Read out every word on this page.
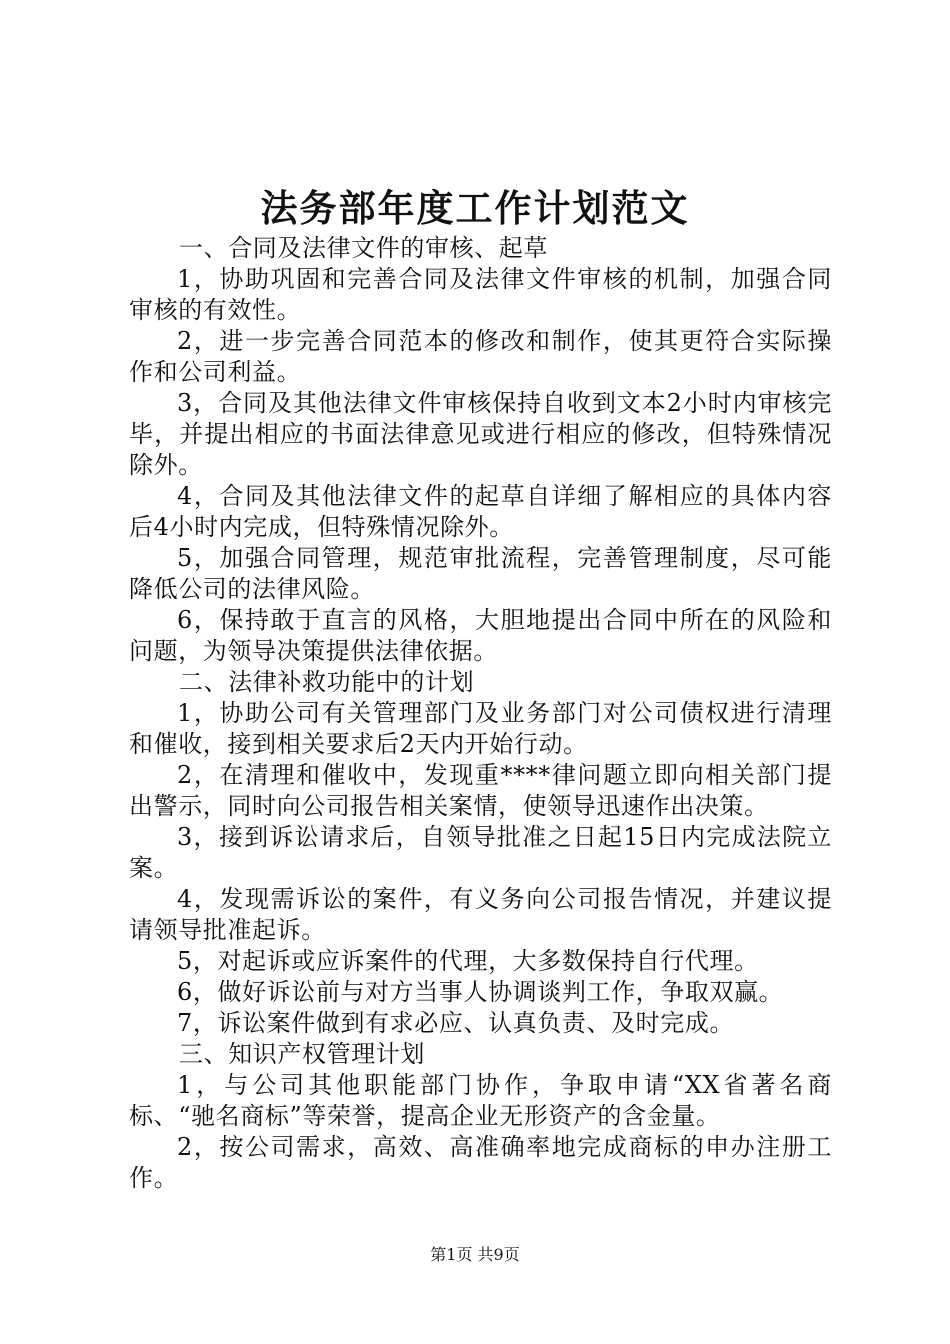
法务部年度工作计划范文

一、合同及法律文件的审核、起草

1，协助巩固和完善合同及法律文件审核的机制，加强合同审核的有效性。

2，进一步完善合同范本的修改和制作，使其更符合实际操作和公司利益。

3，合同及其他法律文件审核保持自收到文本2小时内审核完毕，并提出相应的书面法律意见或进行相应的修改，但特殊情况除外。

4，合同及其他法律文件的起草自详细了解相应的具体内容后4小时内完成，但特殊情况除外。

5，加强合同管理，规范审批流程，完善管理制度，尽可能降低公司的法律风险。

6，保持敢于直言的风格，大胆地提出合同中所在的风险和问题，为领导决策提供法律依据。

二、法律补救功能中的计划

1，协助公司有关管理部门及业务部门对公司债权进行清理和催收，接到相关要求后2天内开始行动。

2，在清理和催收中，发现重****律问题立即向相关部门提出警示，同时向公司报告相关案情，使领导迅速作出决策。

3，接到诉讼请求后，自领导批准之日起15日内完成法院立案。

4，发现需诉讼的案件，有义务向公司报告情况，并建议提请领导批准起诉。

5，对起诉或应诉案件的代理，大多数保持自行代理。

6，做好诉讼前与对方当事人协调谈判工作，争取双赢。

7，诉讼案件做到有求必应、认真负责、及时完成。

三、知识产权管理计划

1，与公司其他职能部门协作，争取申请“XX省著名商标、“驰名商标”等荣誉，提高企业无形资产的含金量。

2，按公司需求，高效、高准确率地完成商标的申办注册工作。

第1页 共9页
